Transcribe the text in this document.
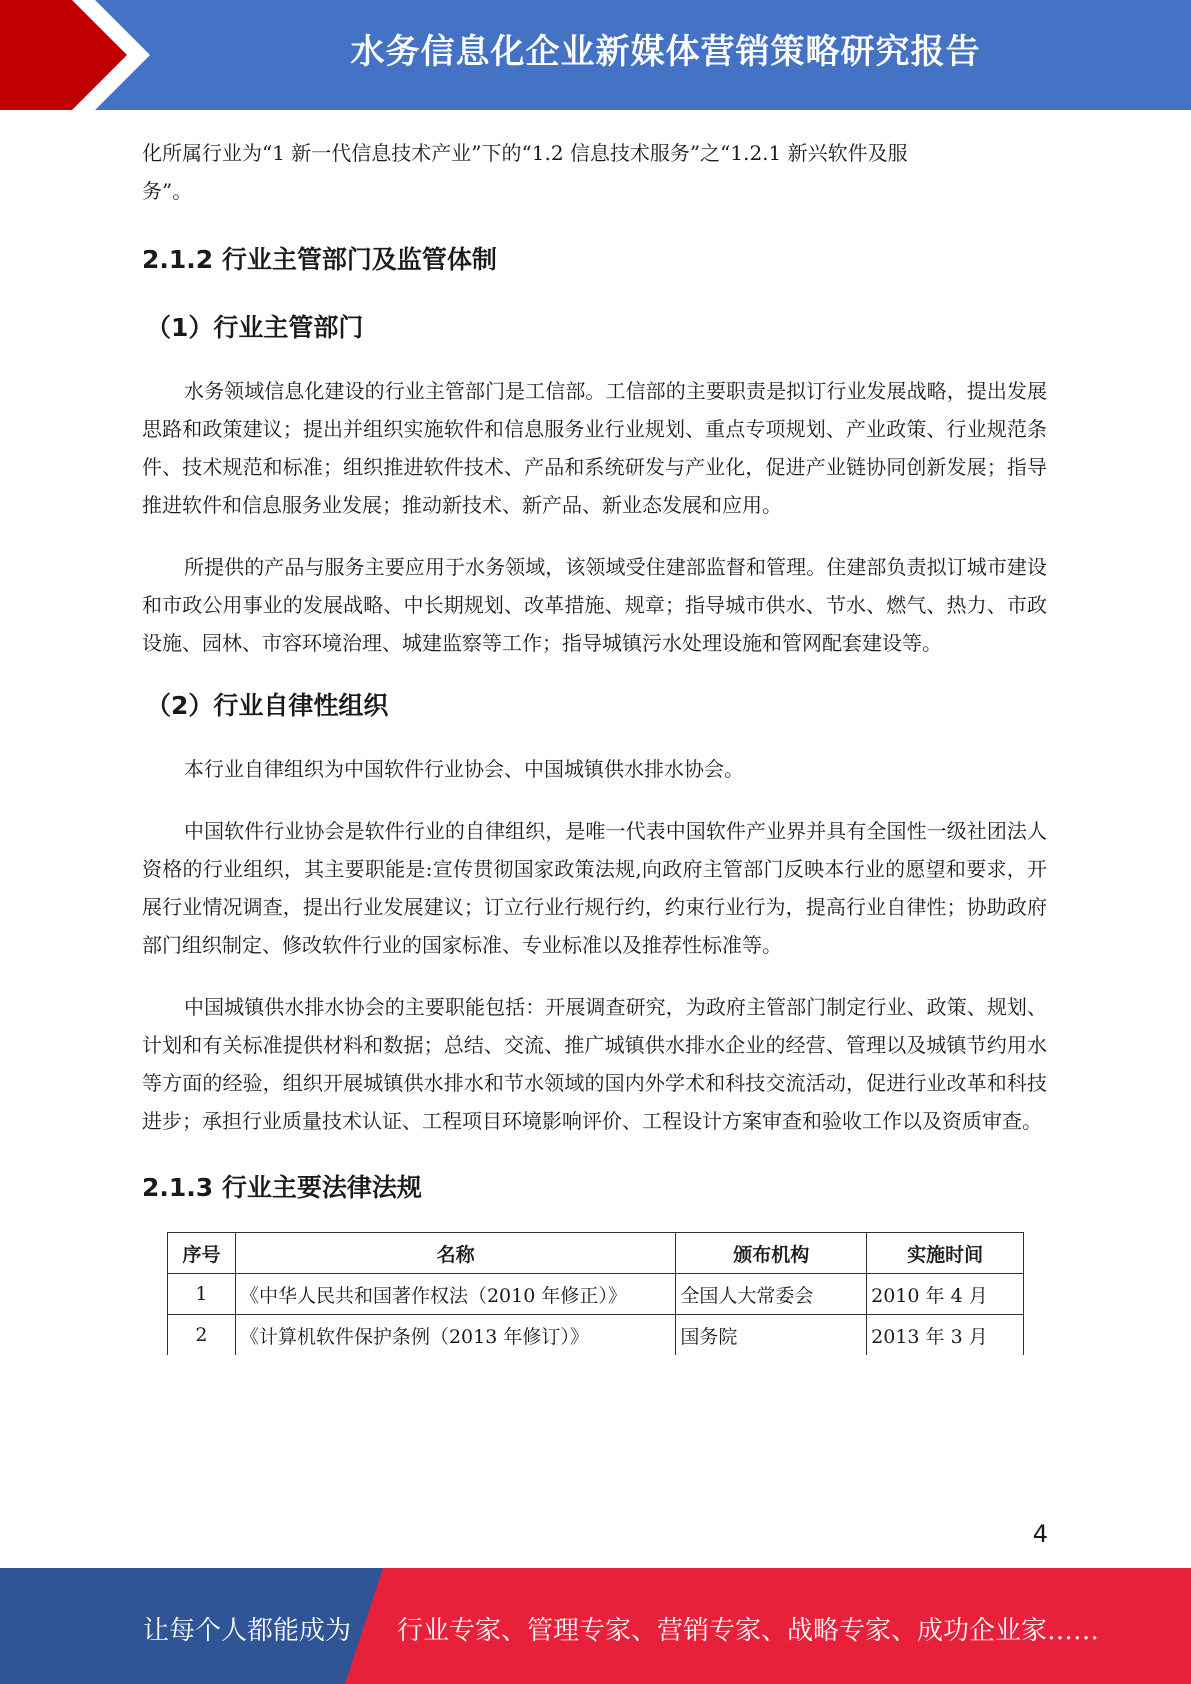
水务信息化企业新媒体营销策略研究报告

化所属行业为“1 新一代信息技术产业”下的“1.2 信息技术服务”之“1.2.1 新兴软件及服

务”。

2.1.2 行业主管部门及监管体制
（1）行业主管部门

水务领域信息化建设的行业主管部门是工信部。工信部的主要职责是拟订行业发展战略，提出发展思路和政策建议；提出并组织实施软件和信息服务业行业规划、重点专项规划、产业政策、行业规范条件、技术规范和标准；组织推进软件技术、产品和系统研发与产业化，促进产业链协同创新发展；指导推进软件和信息服务业发展；推动新技术、新产品、新业态发展和应用。

所提供的产品与服务主要应用于水务领域，该领域受住建部监督和管理。住建部负责拟订城市建设和市政公用事业的发展战略、中长期规划、改革措施、规章；指导城市供水、节水、燃气、热力、市政设施、园林、市容环境治理、城建监察等工作；指导城镇污水处理设施和管网配套建设等。

（2）行业自律性组织

本行业自律组织为中国软件行业协会、中国城镇供水排水协会。

中国软件行业协会是软件行业的自律组织，是唯一代表中国软件产业界并具有全国性一级社团法人资格的行业组织，其主要职能是:宣传贯彻国家政策法规,向政府主管部门反映本行业的愿望和要求，开展行业情况调查，提出行业发展建议；订立行业行规行约，约束行业行为，提高行业自律性；协助政府部门组织制定、修改软件行业的国家标准、专业标准以及推荐性标准等。

中国城镇供水排水协会的主要职能包括：开展调查研究，为政府主管部门制定行业、政策、规划、计划和有关标准提供材料和数据；总结、交流、推广城镇供水排水企业的经营、管理以及城镇节约用水等方面的经验，组织开展城镇供水排水和节水领域的国内外学术和科技交流活动，促进行业改革和科技进步；承担行业质量技术认证、工程项目环境影响评价、工程设计方案审查和验收工作以及资质审查。

2.1.3 行业主要法律法规
序号	名称	颁布机构	实施时间
1	《中华人民共和国著作权法（2010 年修正）》	全国人大常委会	2010 年 4 月
2	《计算机软件保护条例（2013 年修订）》	国务院	2013 年 3 月
4
让每个人都能成为 行业专家、管理专家、营销专家、战略专家、成功企业家……
